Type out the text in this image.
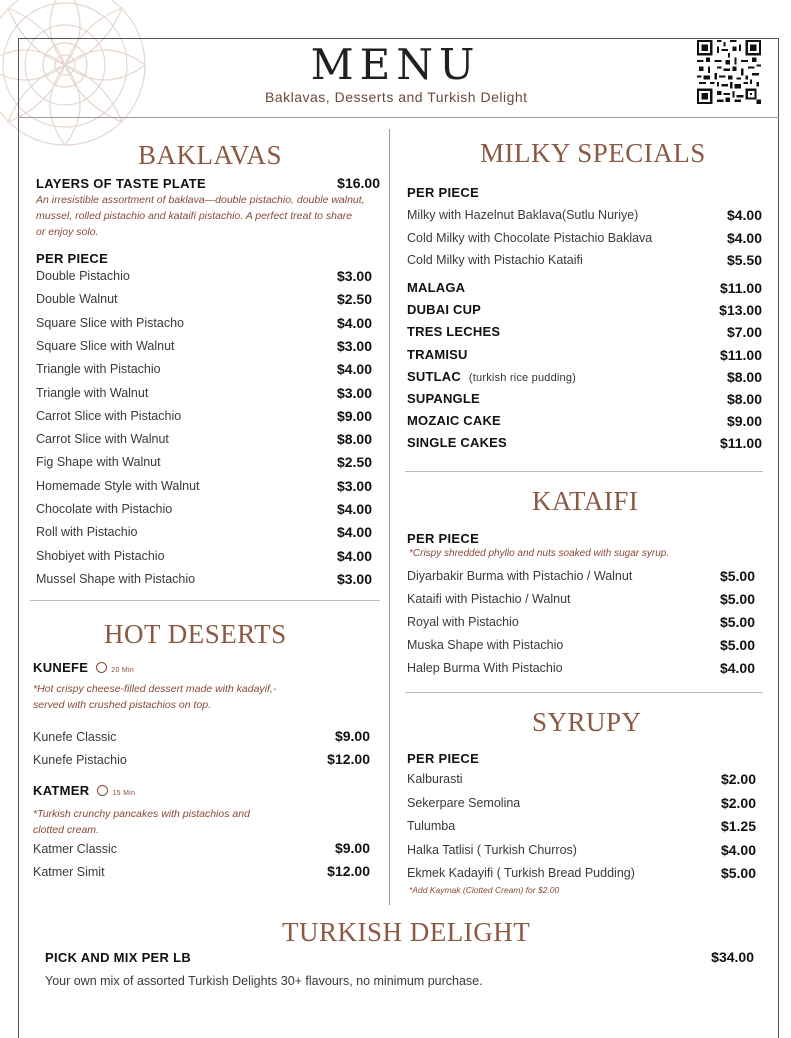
MENU
Baklavas, Desserts and Turkish Delight
BAKLAVAS
LAYERS OF TASTE PLATE	$16.00
An irresistible assortment of baklava—double pistachio, double walnut,
mussel, rolled pistachio and kataifi pistachio. A perfect treat to share
or enjoy solo.
PER PIECE
Double Pistachio	$3.00
Double Walnut	$2.50
Square Slice with Pistacho	$4.00
Square Slice with Walnut	$3.00
Triangle with Pistachio	$4.00
Triangle with Walnut	$3.00
Carrot Slice with Pistachio	$9.00
Carrot Slice with Walnut	$8.00
Fig Shape with Walnut	$2.50
Homemade Style with Walnut	$3.00
Chocolate with Pistachio	$4.00
Roll with Pistachio	$4.00
Shobiyet with Pistachio	$4.00
Mussel Shape with Pistachio	$3.00
HOT DESERTS
KUNEFE	20 Min
*Hot crispy cheese-filled dessert made with kadayif,-
served with crushed pistachios on top.
Kunefe Classic	$9.00
Kunefe Pistachio	$12.00
KATMER	15 Min
*Turkish crunchy pancakes with pistachios and
clotted cream.
Katmer Classic	$9.00
Katmer Simit	$12.00
MILKY SPECIALS
PER PIECE
Milky with Hazelnut Baklava(Sutlu Nuriye)	$4.00
Cold Milky with Chocolate Pistachio Baklava	$4.00
Cold Milky with Pistachio Kataifi	$5.50
MALAGA	$11.00
DUBAI CUP	$13.00
TRES LECHES	$7.00
TRAMISU	$11.00
SUTLAC (turkish rice pudding)	$8.00
SUPANGLE	$8.00
MOZAIC CAKE	$9.00
SINGLE CAKES	$11.00
KATAIFI
PER PIECE
*Crispy shredded phyllo and nuts soaked with sugar syrup.
Diyarbakir Burma with Pistachio / Walnut	$5.00
Kataifi with Pistachio / Walnut	$5.00
Royal with Pistachio	$5.00
Muska Shape with Pistachio	$5.00
Halep Burma With Pistachio	$4.00
SYRUPY
PER PIECE
Kalburasti	$2.00
Sekerpare Semolina	$2.00
Tulumba	$1.25
Halka Tatlisi ( Turkish Churros)	$4.00
Ekmek Kadayifi ( Turkish Bread Pudding)	$5.00
*Add Kaymak (Clotted Cream) for $2.00
TURKISH DELIGHT
PICK AND MIX PER LB	$34.00
Your own mix of assorted Turkish Delights 30+ flavours, no minimum purchase.
